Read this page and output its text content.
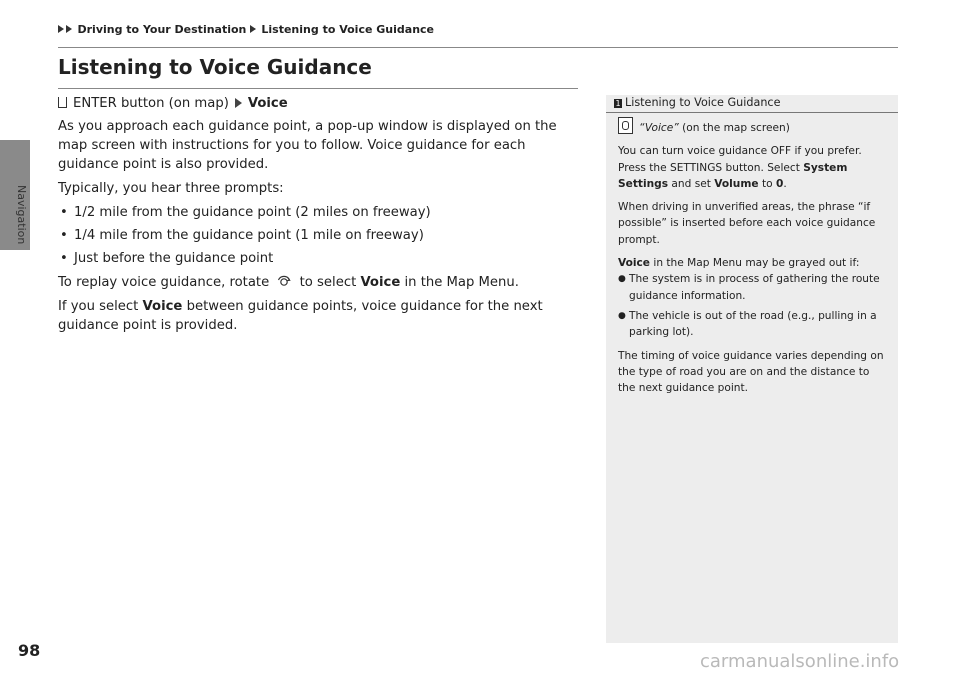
Navigation
Driving to Your Destination Listening to Voice Guidance
Listening to Voice Guidance

ENTER button (on map) Voice

As you approach each guidance point, a pop-up window is displayed on the map screen with instructions for you to follow. Voice guidance for each guidance point is also provided.

Typically, you hear three prompts:

• 1/2 mile from the guidance point (2 miles on freeway)
• 1/4 mile from the guidance point (1 mile on freeway)
• Just before the guidance point

To replay voice guidance, rotate to select Voice in the Map Menu.

If you select Voice between guidance points, voice guidance for the next guidance point is provided.

1 Listening to Voice Guidance

“Voice” (on the map screen)

You can turn voice guidance OFF if you prefer. Press the SETTINGS button. Select System Settings and set Volume to 0.

When driving in unverified areas, the phrase “if possible” is inserted before each voice guidance prompt.

Voice in the Map Menu may be grayed out if:

● The system is in process of gathering the route guidance information.
● The vehicle is out of the road (e.g., pulling in a parking lot).

The timing of voice guidance varies depending on the type of road you are on and the distance to the next guidance point.

98
carmanualsonline.info
